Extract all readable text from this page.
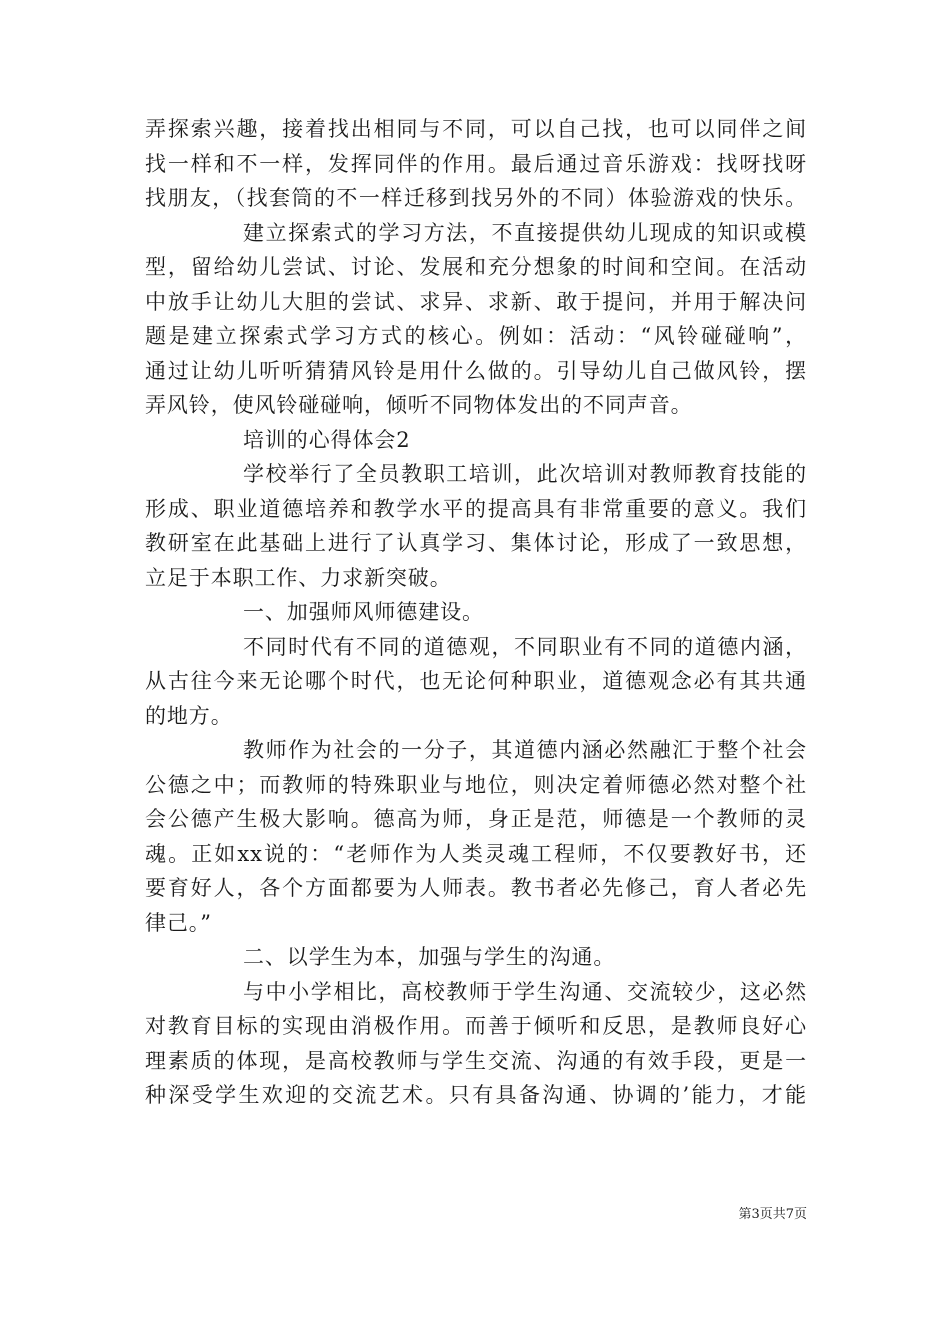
弄探索兴趣，接着找出相同与不同，可以自己找，也可以同伴之间
找一样和不一样，发挥同伴的作用。最后通过音乐游戏：找呀找呀
找朋友，（找套筒的不一样迁移到找另外的不同）体验游戏的快乐。
建立探索式的学习方法，不直接提供幼儿现成的知识或模
型，留给幼儿尝试、讨论、发展和充分想象的时间和空间。在活动
中放手让幼儿大胆的尝试、求异、求新、敢于提问，并用于解决问
题是建立探索式学习方式的核心。例如：活动：“风铃碰碰响”，
通过让幼儿听听猜猜风铃是用什么做的。引导幼儿自己做风铃，摆
弄风铃，使风铃碰碰响，倾听不同物体发出的不同声音。
培训的心得体会2
学校举行了全员教职工培训，此次培训对教师教育技能的
形成、职业道德培养和教学水平的提高具有非常重要的意义。我们
教研室在此基础上进行了认真学习、集体讨论，形成了一致思想，
立足于本职工作、力求新突破。
一、加强师风师德建设。
不同时代有不同的道德观，不同职业有不同的道德内涵，
从古往今来无论哪个时代，也无论何种职业，道德观念必有其共通
的地方。
教师作为社会的一分子，其道德内涵必然融汇于整个社会
公德之中；而教师的特殊职业与地位，则决定着师德必然对整个社
会公德产生极大影响。德高为师，身正是范，师德是一个教师的灵
魂。正如xx说的：“老师作为人类灵魂工程师，不仅要教好书，还
要育好人，各个方面都要为人师表。教书者必先修己，育人者必先
律己。”
二、以学生为本，加强与学生的沟通。
与中小学相比，高校教师于学生沟通、交流较少，这必然
对教育目标的实现由消极作用。而善于倾听和反思，是教师良好心
理素质的体现，是高校教师与学生交流、沟通的有效手段，更是一
种深受学生欢迎的交流艺术。只有具备沟通、协调的’能力，才能
第3页共7页
